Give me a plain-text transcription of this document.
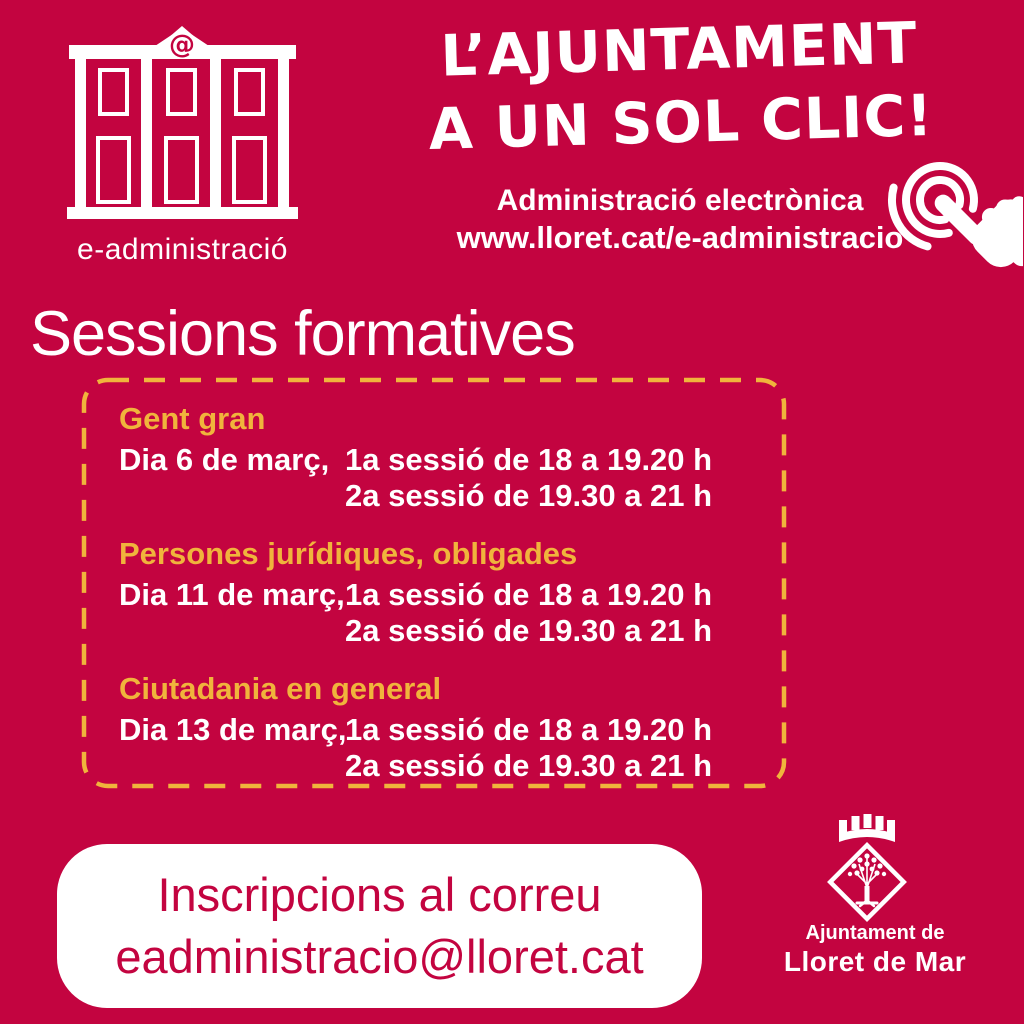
@
e-administració
L’AJUNTAMENT
A UN SOL CLIC!
Administració electrònica
www.lloret.cat/e-administracio
Sessions formatives
Gent gran
Dia 6 de març, 1a sessió de 18 a 19.20 h
2a sessió de 19.30 a 21 h
Persones jurídiques, obligades
Dia 11 de març, 1a sessió de 18 a 19.20 h
2a sessió de 19.30 a 21 h
Ciutadania en general
Dia 13 de març,
1a sessió de 18 a 19.20 h
2a sessió de 19.30 a 21 h
Inscripcions al correu
eadministracio@lloret.cat	Ajuntament de
Lloret de Mar
